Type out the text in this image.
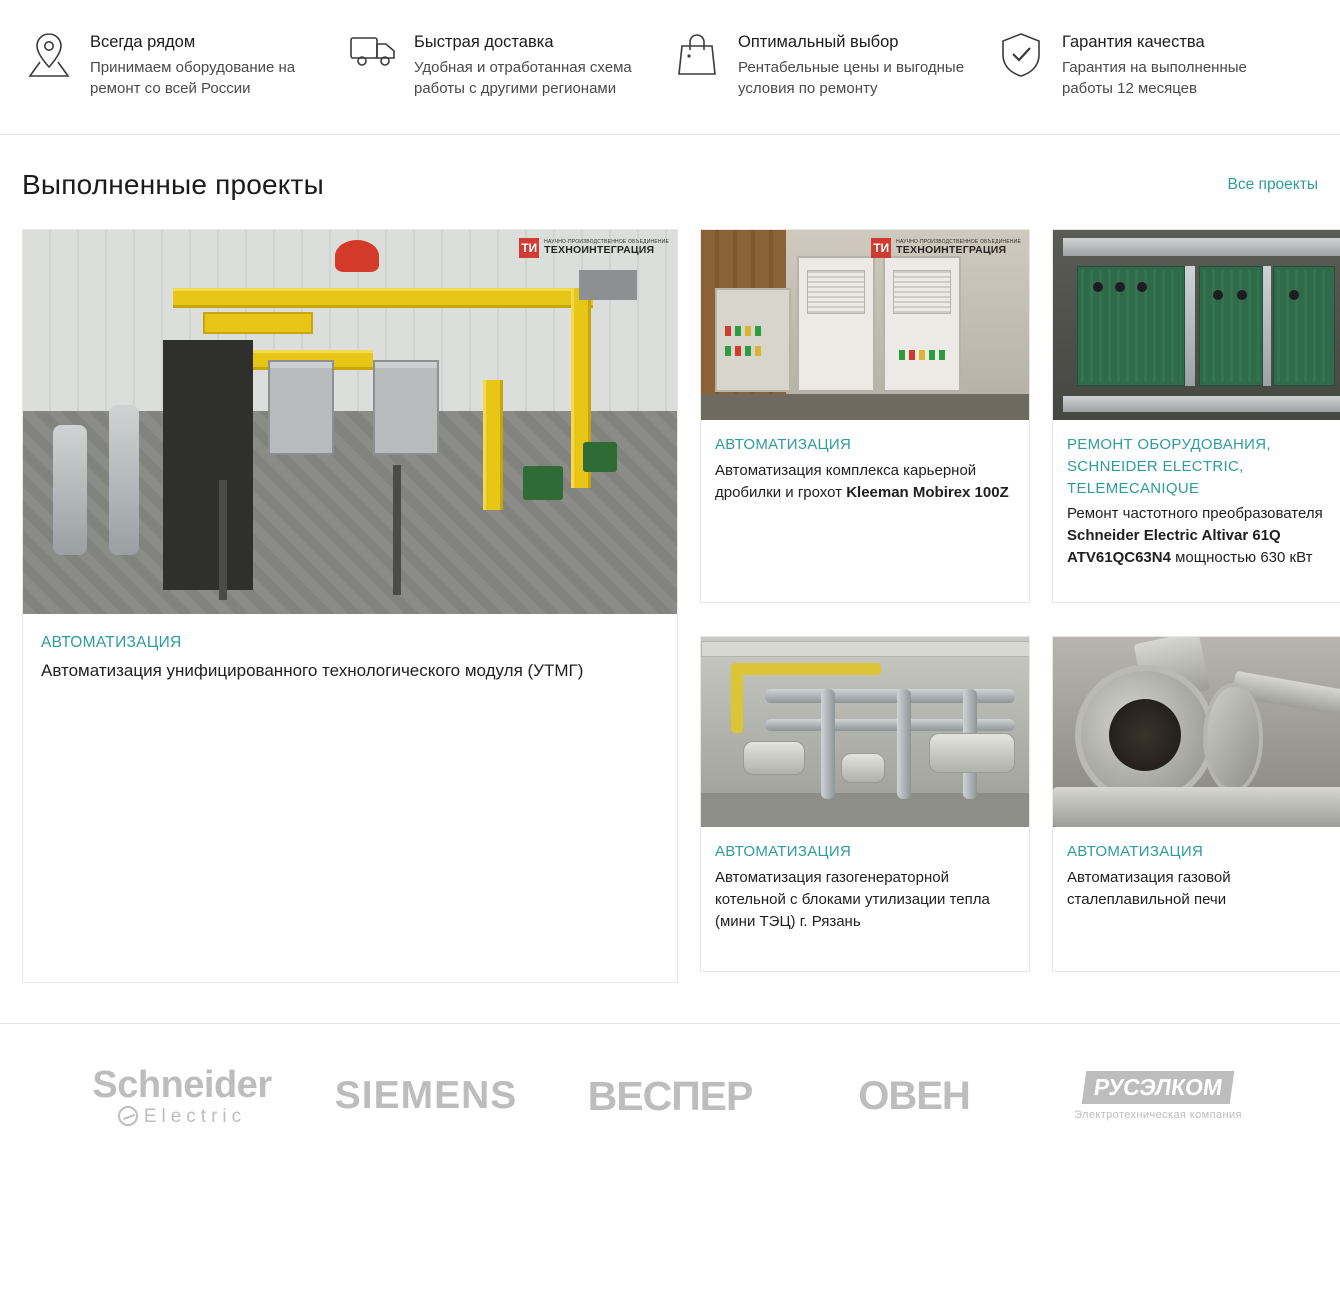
Всегда рядом
Принимаем оборудование на ремонт со всей России
Быстрая доставка
Удобная и отработанная схема работы с другими регионами
Оптимальный выбор
Рентабельные цены и выгодные условия по ремонту
Гарантия качества
Гарантия на выполненные работы 12 месяцев
Выполненные проекты	Все проекты
ТИ	НАУЧНО-ПРОИЗВОДСТВЕННОЕ ОБЪЕДИНЕНИЕ
ТЕХНОИНТЕГРАЦИЯ
АВТОМАТИЗАЦИЯ
Автоматизация унифицированного технологического модуля (УТМГ)
ТИ	НАУЧНО-ПРОИЗВОДСТВЕННОЕ ОБЪЕДИНЕНИЕ
ТЕХНОИНТЕГРАЦИЯ
АВТОМАТИЗАЦИЯ
Автоматизация комплекса карьерной дробилки и грохот Kleeman Mobirex 100Z
РЕМОНТ ОБОРУДОВАНИЯ, SCHNEIDER ELECTRIC, TELEMECANIQUE
Ремонт частотного преобразователя Schneider Electric Altivar 61Q ATV61QC63N4 мощностью 630 кВт
АВТОМАТИЗАЦИЯ
Автоматизация газогенераторной котельной с блоками утилизации тепла (мини ТЭЦ) г. Рязань
АВТОМАТИЗАЦИЯ
Автоматизация газовой сталеплавильной печи
Schneider
Electric SIEMENS ВЕСПЕР	ОВЕН	РУСЭЛКОМ
Электротехническая компания
